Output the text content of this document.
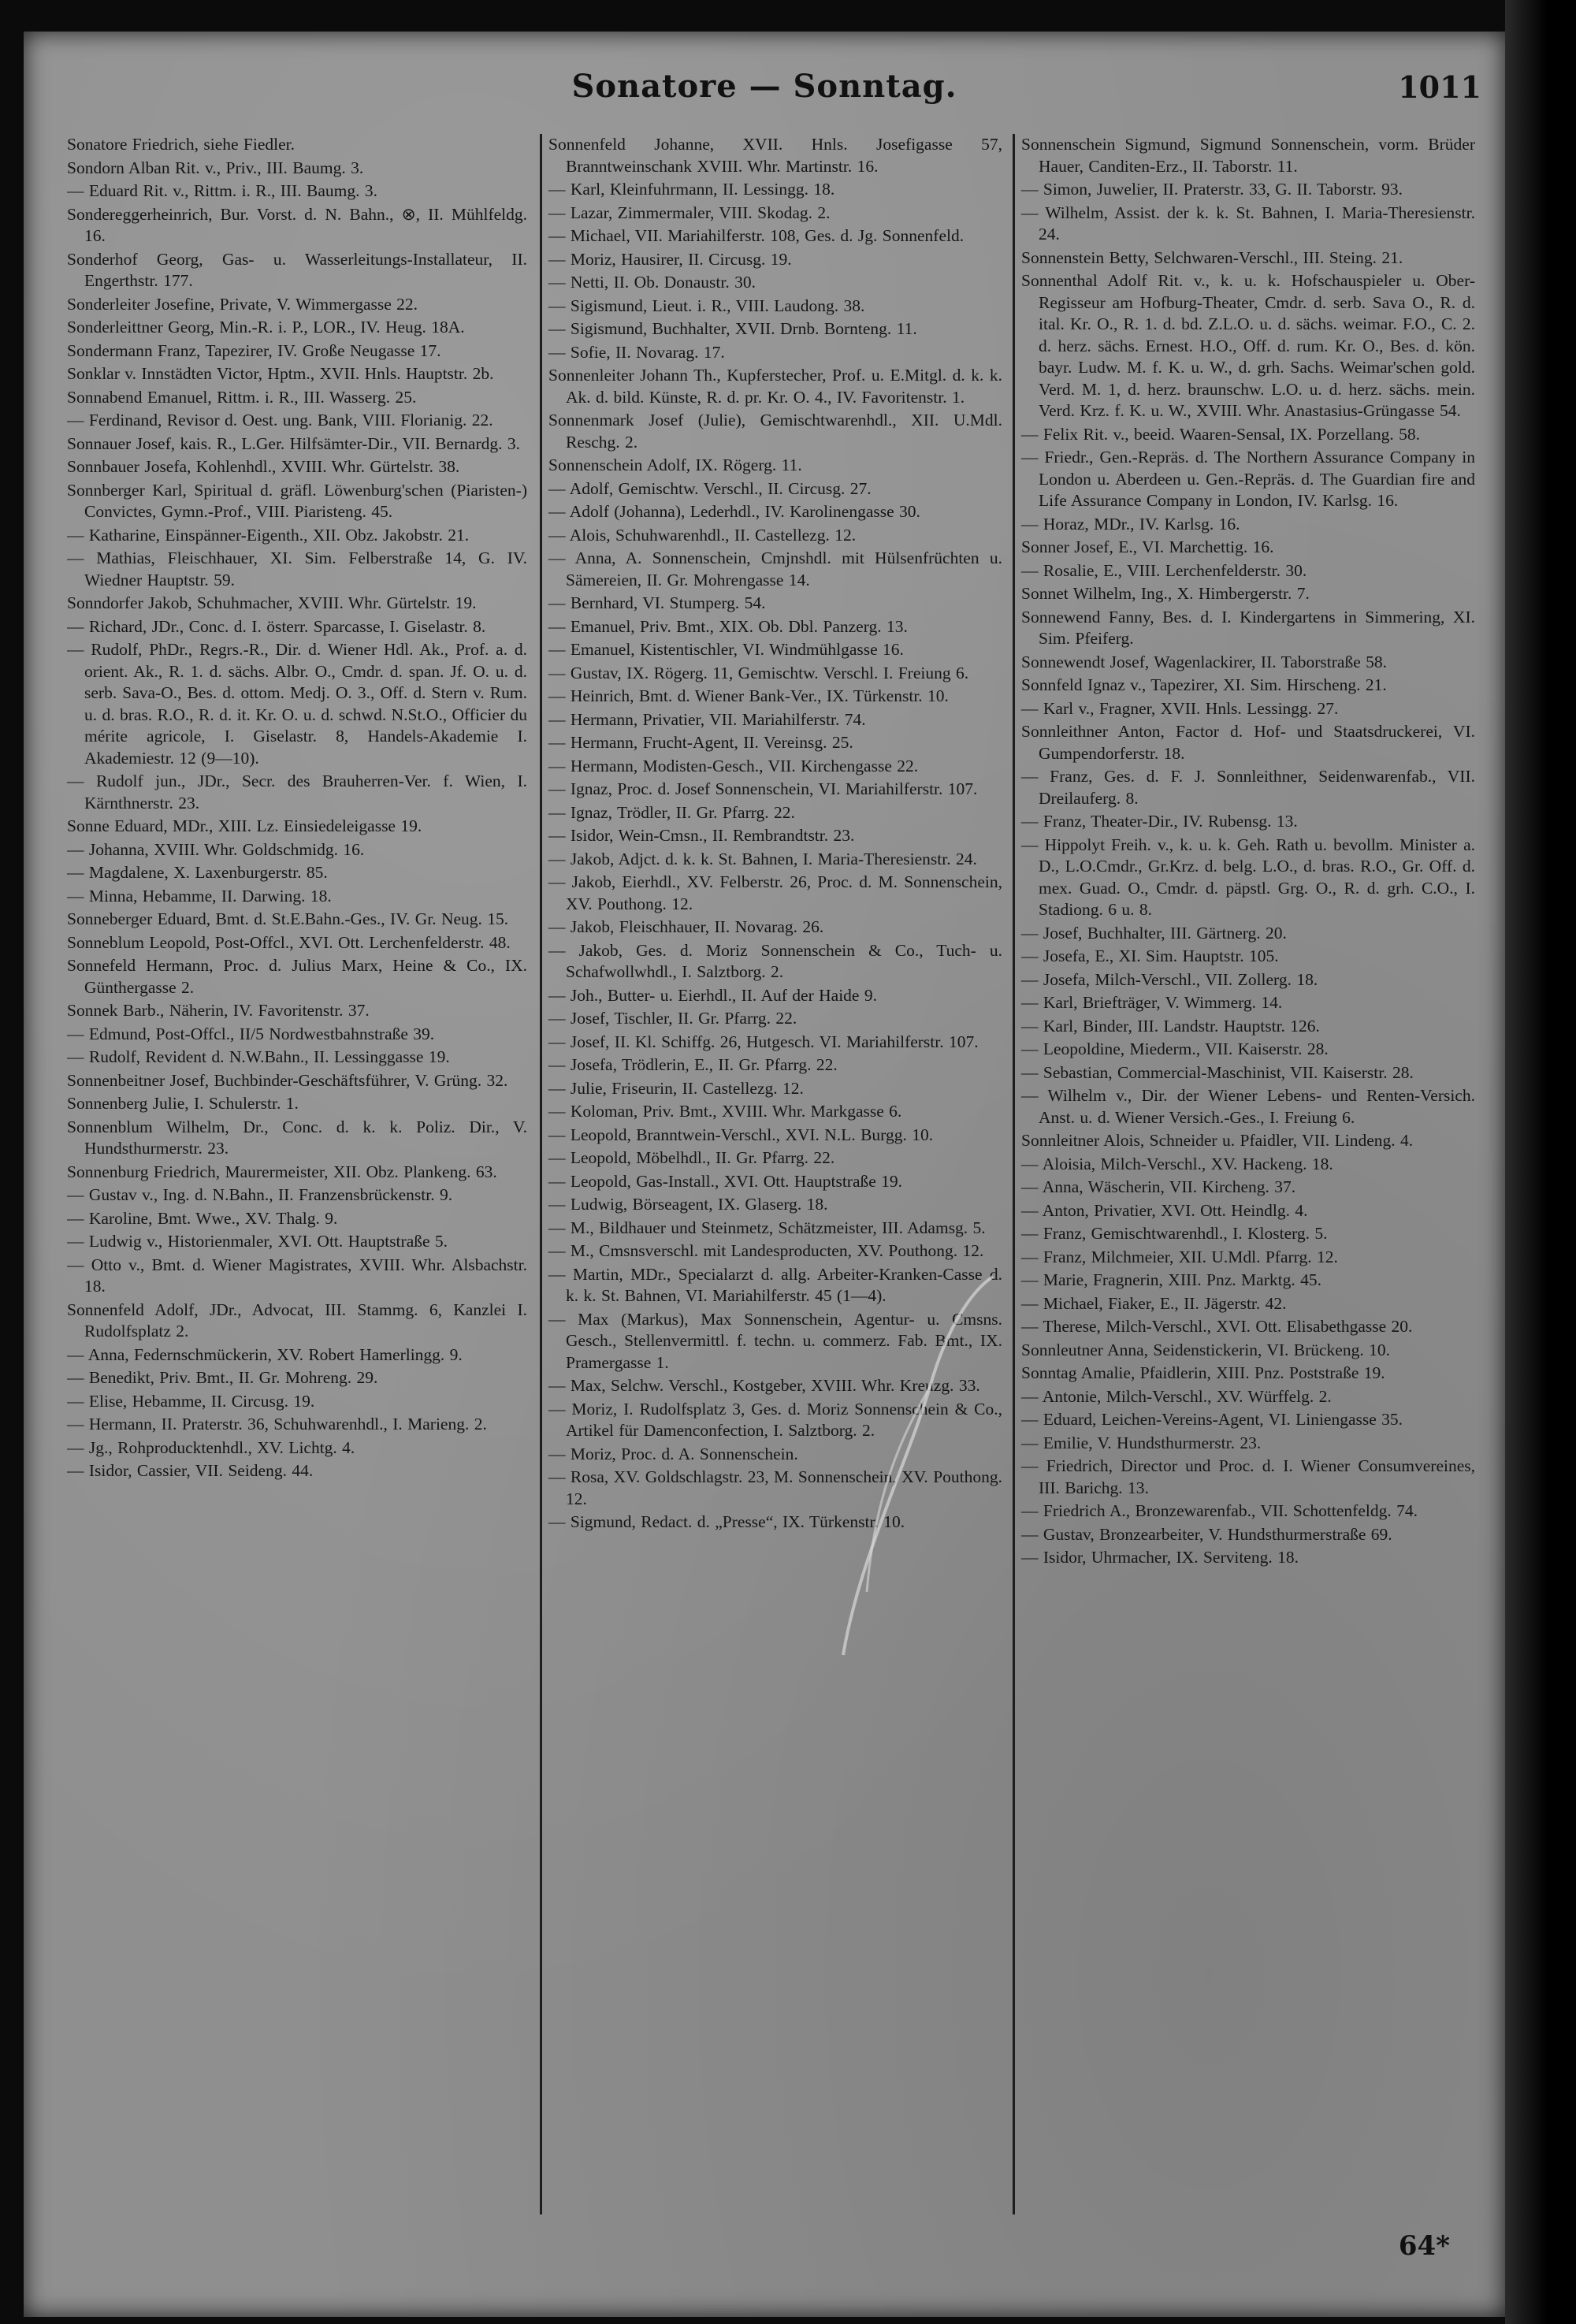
Sonatore — Sonntag.	1011

Sonatore Friedrich, siehe Fiedler.

Sondorn Alban Rit. v., Priv., III. Baumg. 3.

— Eduard Rit. v., Rittm. i. R., III. Baumg. 3.

Sondereggerheinrich, Bur. Vorst. d. N. Bahn., ⊗, II. Mühlfeldg. 16.

Sonderhof Georg, Gas- u. Wasserleitungs-Installateur, II. Engerthstr. 177.

Sonderleiter Josefine, Private, V. Wimmergasse 22.

Sonderleittner Georg, Min.-R. i. P., LOR., IV. Heug. 18A.

Sondermann Franz, Tapezirer, IV. Große Neugasse 17.

Sonklar v. Innstädten Victor, Hptm., XVII. Hnls. Hauptstr. 2b.

Sonnabend Emanuel, Rittm. i. R., III. Wasserg. 25.

— Ferdinand, Revisor d. Oest. ung. Bank, VIII. Florianig. 22.

Sonnauer Josef, kais. R., L.Ger. Hilfsämter-Dir., VII. Bernardg. 3.

Sonnbauer Josefa, Kohlenhdl., XVIII. Whr. Gürtelstr. 38.

Sonnberger Karl, Spiritual d. gräfl. Löwenburg'schen (Piaristen-) Convictes, Gymn.-Prof., VIII. Piaristeng. 45.

— Katharine, Einspänner-Eigenth., XII. Obz. Jakobstr. 21.

— Mathias, Fleischhauer, XI. Sim. Felberstraße 14, G. IV. Wiedner Hauptstr. 59.

Sonndorfer Jakob, Schuhmacher, XVIII. Whr. Gürtelstr. 19.

— Richard, JDr., Conc. d. I. österr. Sparcasse, I. Giselastr. 8.

— Rudolf, PhDr., Regrs.-R., Dir. d. Wiener Hdl. Ak., Prof. a. d. orient. Ak., R. 1. d. sächs. Albr. O., Cmdr. d. span. Jf. O. u. d. serb. Sava-O., Bes. d. ottom. Medj. O. 3., Off. d. Stern v. Rum. u. d. bras. R.O., R. d. it. Kr. O. u. d. schwd. N.St.O., Officier du mérite agricole, I. Giselastr. 8, Handels-Akademie I. Akademiestr. 12 (9—10).

— Rudolf jun., JDr., Secr. des Brauherren-Ver. f. Wien, I. Kärnthnerstr. 23.

Sonne Eduard, MDr., XIII. Lz. Einsiedeleigasse 19.

— Johanna, XVIII. Whr. Goldschmidg. 16.

— Magdalene, X. Laxenburgerstr. 85.

— Minna, Hebamme, II. Darwing. 18.

Sonneberger Eduard, Bmt. d. St.E.Bahn.-Ges., IV. Gr. Neug. 15.

Sonneblum Leopold, Post-Offcl., XVI. Ott. Lerchenfelderstr. 48.

Sonnefeld Hermann, Proc. d. Julius Marx, Heine & Co., IX. Günthergasse 2.

Sonnek Barb., Näherin, IV. Favoritenstr. 37.

— Edmund, Post-Offcl., II/5 Nordwestbahnstraße 39.

— Rudolf, Revident d. N.W.Bahn., II. Lessinggasse 19.

Sonnenbeitner Josef, Buchbinder-Geschäftsführer, V. Grüng. 32.

Sonnenberg Julie, I. Schulerstr. 1.

Sonnenblum Wilhelm, Dr., Conc. d. k. k. Poliz. Dir., V. Hundsthurmerstr. 23.

Sonnenburg Friedrich, Maurermeister, XII. Obz. Plankeng. 63.

— Gustav v., Ing. d. N.Bahn., II. Franzensbrückenstr. 9.

— Karoline, Bmt. Wwe., XV. Thalg. 9.

— Ludwig v., Historienmaler, XVI. Ott. Hauptstraße 5.

— Otto v., Bmt. d. Wiener Magistrates, XVIII. Whr. Alsbachstr. 18.

Sonnenfeld Adolf, JDr., Advocat, III. Stammg. 6, Kanzlei I. Rudolfsplatz 2.

— Anna, Federnschmückerin, XV. Robert Hamerlingg. 9.

— Benedikt, Priv. Bmt., II. Gr. Mohreng. 29.

— Elise, Hebamme, II. Circusg. 19.

— Hermann, II. Praterstr. 36, Schuhwarenhdl., I. Marieng. 2.

— Jg., Rohproducktenhdl., XV. Lichtg. 4.

— Isidor, Cassier, VII. Seideng. 44.

Sonnenfeld Johanne, XVII. Hnls. Josefigasse 57, Branntweinschank XVIII. Whr. Martinstr. 16.

— Karl, Kleinfuhrmann, II. Lessingg. 18.

— Lazar, Zimmermaler, VIII. Skodag. 2.

— Michael, VII. Mariahilferstr. 108, Ges. d. Jg. Sonnenfeld.

— Moriz, Hausirer, II. Circusg. 19.

— Netti, II. Ob. Donaustr. 30.

— Sigismund, Lieut. i. R., VIII. Laudong. 38.

— Sigismund, Buchhalter, XVII. Drnb. Bornteng. 11.

— Sofie, II. Novarag. 17.

Sonnenleiter Johann Th., Kupferstecher, Prof. u. E.Mitgl. d. k. k. Ak. d. bild. Künste, R. d. pr. Kr. O. 4., IV. Favoritenstr. 1.

Sonnenmark Josef (Julie), Gemischtwarenhdl., XII. U.Mdl. Reschg. 2.

Sonnenschein Adolf, IX. Rögerg. 11.

— Adolf, Gemischtw. Verschl., II. Circusg. 27.

— Adolf (Johanna), Lederhdl., IV. Karolinengasse 30.

— Alois, Schuhwarenhdl., II. Castellezg. 12.

— Anna, A. Sonnenschein, Cmjnshdl. mit Hülsenfrüchten u. Sämereien, II. Gr. Mohrengasse 14.

— Bernhard, VI. Stumperg. 54.

— Emanuel, Priv. Bmt., XIX. Ob. Dbl. Panzerg. 13.

— Emanuel, Kistentischler, VI. Windmühlgasse 16.

— Gustav, IX. Rögerg. 11, Gemischtw. Verschl. I. Freiung 6.

— Heinrich, Bmt. d. Wiener Bank-Ver., IX. Türkenstr. 10.

— Hermann, Privatier, VII. Mariahilferstr. 74.

— Hermann, Frucht-Agent, II. Vereinsg. 25.

— Hermann, Modisten-Gesch., VII. Kirchengasse 22.

— Ignaz, Proc. d. Josef Sonnenschein, VI. Mariahilferstr. 107.

— Ignaz, Trödler, II. Gr. Pfarrg. 22.

— Isidor, Wein-Cmsn., II. Rembrandtstr. 23.

— Jakob, Adjct. d. k. k. St. Bahnen, I. Maria-Theresienstr. 24.

— Jakob, Eierhdl., XV. Felberstr. 26, Proc. d. M. Sonnenschein, XV. Pouthong. 12.

— Jakob, Fleischhauer, II. Novarag. 26.

— Jakob, Ges. d. Moriz Sonnenschein & Co., Tuch- u. Schafwollwhdl., I. Salztborg. 2.

— Joh., Butter- u. Eierhdl., II. Auf der Haide 9.

— Josef, Tischler, II. Gr. Pfarrg. 22.

— Josef, II. Kl. Schiffg. 26, Hutgesch. VI. Mariahilferstr. 107.

— Josefa, Trödlerin, E., II. Gr. Pfarrg. 22.

— Julie, Friseurin, II. Castellezg. 12.

— Koloman, Priv. Bmt., XVIII. Whr. Markgasse 6.

— Leopold, Branntwein-Verschl., XVI. N.L. Burgg. 10.

— Leopold, Möbelhdl., II. Gr. Pfarrg. 22.

— Leopold, Gas-Install., XVI. Ott. Hauptstraße 19.

— Ludwig, Börseagent, IX. Glaserg. 18.

— M., Bildhauer und Steinmetz, Schätzmeister, III. Adamsg. 5.

— M., Cmsnsverschl. mit Landesproducten, XV. Pouthong. 12.

— Martin, MDr., Specialarzt d. allg. Arbeiter-Kranken-Casse d. k. k. St. Bahnen, VI. Mariahilferstr. 45 (1—4).

— Max (Markus), Max Sonnenschein, Agentur- u. Cmsns. Gesch., Stellenvermittl. f. techn. u. commerz. Fab. Bmt., IX. Pramergasse 1.

— Max, Selchw. Verschl., Kostgeber, XVIII. Whr. Kreuzg. 33.

— Moriz, I. Rudolfsplatz 3, Ges. d. Moriz Sonnenschein & Co., Artikel für Damenconfection, I. Salztborg. 2.

— Moriz, Proc. d. A. Sonnenschein.

— Rosa, XV. Goldschlagstr. 23, M. Sonnenschein, XV. Pouthong. 12.

— Sigmund, Redact. d. „Presse“, IX. Türkenstr. 10.

Sonnenschein Sigmund, Sigmund Sonnenschein, vorm. Brüder Hauer, Canditen-Erz., II. Taborstr. 11.

— Simon, Juwelier, II. Praterstr. 33, G. II. Taborstr. 93.

— Wilhelm, Assist. der k. k. St. Bahnen, I. Maria-Theresienstr. 24.

Sonnenstein Betty, Selchwaren-Verschl., III. Steing. 21.

Sonnenthal Adolf Rit. v., k. u. k. Hofschauspieler u. Ober-Regisseur am Hofburg-Theater, Cmdr. d. serb. Sava O., R. d. ital. Kr. O., R. 1. d. bd. Z.L.O. u. d. sächs. weimar. F.O., C. 2. d. herz. sächs. Ernest. H.O., Off. d. rum. Kr. O., Bes. d. kön. bayr. Ludw. M. f. K. u. W., d. grh. Sachs. Weimar'schen gold. Verd. M. 1, d. herz. braunschw. L.O. u. d. herz. sächs. mein. Verd. Krz. f. K. u. W., XVIII. Whr. Anastasius-Grüngasse 54.

— Felix Rit. v., beeid. Waaren-Sensal, IX. Porzellang. 58.

— Friedr., Gen.-Repräs. d. The Northern Assurance Company in London u. Aberdeen u. Gen.-Repräs. d. The Guardian fire and Life Assurance Company in London, IV. Karlsg. 16.

— Horaz, MDr., IV. Karlsg. 16.

Sonner Josef, E., VI. Marchettig. 16.

— Rosalie, E., VIII. Lerchenfelderstr. 30.

Sonnet Wilhelm, Ing., X. Himbergerstr. 7.

Sonnewend Fanny, Bes. d. I. Kindergartens in Simmering, XI. Sim. Pfeiferg.

Sonnewendt Josef, Wagenlackirer, II. Taborstraße 58.

Sonnfeld Ignaz v., Tapezirer, XI. Sim. Hirscheng. 21.

— Karl v., Fragner, XVII. Hnls. Lessingg. 27.

Sonnleithner Anton, Factor d. Hof- und Staatsdruckerei, VI. Gumpendorferstr. 18.

— Franz, Ges. d. F. J. Sonnleithner, Seidenwarenfab., VII. Dreilauferg. 8.

— Franz, Theater-Dir., IV. Rubensg. 13.

— Hippolyt Freih. v., k. u. k. Geh. Rath u. bevollm. Minister a. D., L.O.Cmdr., Gr.Krz. d. belg. L.O., d. bras. R.O., Gr. Off. d. mex. Guad. O., Cmdr. d. päpstl. Grg. O., R. d. grh. C.O., I. Stadiong. 6 u. 8.

— Josef, Buchhalter, III. Gärtnerg. 20.

— Josefa, E., XI. Sim. Hauptstr. 105.

— Josefa, Milch-Verschl., VII. Zollerg. 18.

— Karl, Briefträger, V. Wimmerg. 14.

— Karl, Binder, III. Landstr. Hauptstr. 126.

— Leopoldine, Miederm., VII. Kaiserstr. 28.

— Sebastian, Commercial-Maschinist, VII. Kaiserstr. 28.

— Wilhelm v., Dir. der Wiener Lebens- und Renten-Versich. Anst. u. d. Wiener Versich.-Ges., I. Freiung 6.

Sonnleitner Alois, Schneider u. Pfaidler, VII. Lindeng. 4.

— Aloisia, Milch-Verschl., XV. Hackeng. 18.

— Anna, Wäscherin, VII. Kircheng. 37.

— Anton, Privatier, XVI. Ott. Heindlg. 4.

— Franz, Gemischtwarenhdl., I. Klosterg. 5.

— Franz, Milchmeier, XII. U.Mdl. Pfarrg. 12.

— Marie, Fragnerin, XIII. Pnz. Marktg. 45.

— Michael, Fiaker, E., II. Jägerstr. 42.

— Therese, Milch-Verschl., XVI. Ott. Elisabethgasse 20.

Sonnleutner Anna, Seidenstickerin, VI. Brückeng. 10.

Sonntag Amalie, Pfaidlerin, XIII. Pnz. Poststraße 19.

— Antonie, Milch-Verschl., XV. Würffelg. 2.

— Eduard, Leichen-Vereins-Agent, VI. Liniengasse 35.

— Emilie, V. Hundsthurmerstr. 23.

— Friedrich, Director und Proc. d. I. Wiener Consumvereines, III. Barichg. 13.

— Friedrich A., Bronzewarenfab., VII. Schottenfeldg. 74.

— Gustav, Bronzearbeiter, V. Hundsthurmerstraße 69.

— Isidor, Uhrmacher, IX. Serviteng. 18.

64*
